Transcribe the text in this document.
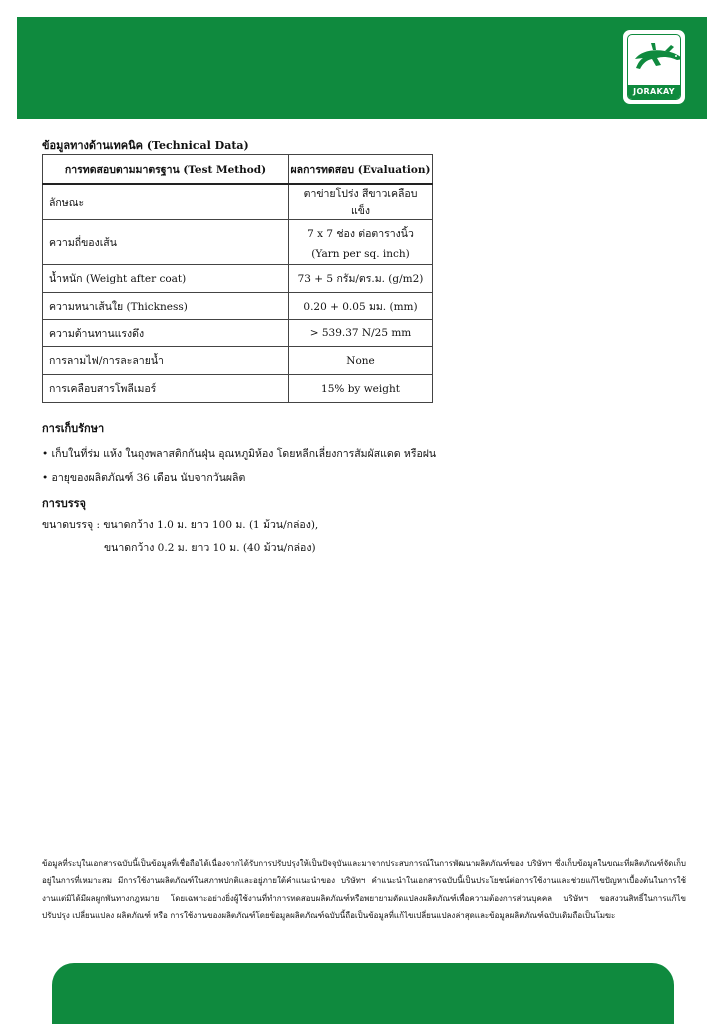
JORAKAY
ข้อมูลทางด้านเทคนิค (Technical Data)
การทดสอบตามมาตรฐาน (Test Method)	ผลการทดสอบ (Evaluation)
ลักษณะ	ตาข่ายโปร่ง สีขาวเคลือบแข็ง
ความถี่ของเส้น	7 x 7 ช่อง ต่อตารางนิ้ว
(Yarn per sq. inch)

น้ำหนัก (Weight after coat)	73 + 5 กรัม/ตร.ม. (g/m2)
ความหนาเส้นใย (Thickness)	0.20 + 0.05 มม. (mm)
ความต้านทานแรงดึง	> 539.37 N/25 mm
การลามไฟ/การละลายน้ำ	None
การเคลือบสารโพลีเมอร์	15% by weight
การเก็บรักษา
• เก็บในที่ร่ม แห้ง ในถุงพลาสติกกันฝุ่น อุณหภูมิห้อง โดยหลีกเลี่ยงการสัมผัสแดด หรือฝน
• อายุของผลิตภัณฑ์ 36 เดือน นับจากวันผลิต
การบรรจุ
ขนาดบรรจุ : ขนาดกว้าง 1.0 ม. ยาว 100 ม. (1 ม้วน/กล่อง),
ขนาดกว้าง 0.2 ม. ยาว 10 ม. (40 ม้วน/กล่อง)
ข้อมูลที่ระบุในเอกสารฉบับนี้เป็นข้อมูลที่เชื่อถือได้เนื่องจากได้รับการปรับปรุงให้เป็นปัจจุบันและมาจากประสบการณ์ในการพัฒนาผลิตภัณฑ์ของ บริษัทฯ ซึ่งเก็บข้อมูลในขณะที่ผลิตภัณฑ์จัดเก็บอยู่ในการที่เหมาะสม มีการใช้งานผลิตภัณฑ์ในสภาพปกติและอยู่ภายใต้คำแนะนำของ บริษัทฯ คำแนะนำในเอกสารฉบับนี้เป็นประโยชน์ต่อการใช้งานและช่วยแก้ไขปัญหาเบื้องต้นในการใช้งานแต่มิได้มีผลผูกพันทางกฎหมาย โดยเฉพาะอย่างยิ่งผู้ใช้งานที่ทำการทดสอบผลิตภัณฑ์หรือพยายามดัดแปลงผลิตภัณฑ์เพื่อความต้องการส่วนบุคคล บริษัทฯ ขอสงวนสิทธิ์ในการแก้ไขปรับปรุง เปลี่ยนแปลง ผลิตภัณฑ์ หรือ การใช้งานของผลิตภัณฑ์โดยข้อมูลผลิตภัณฑ์ฉบับนี้ถือเป็นข้อมูลที่แก้ไขเปลี่ยนแปลงล่าสุดและข้อมูลผลิตภัณฑ์ฉบับเดิมถือเป็นโมฆะ
